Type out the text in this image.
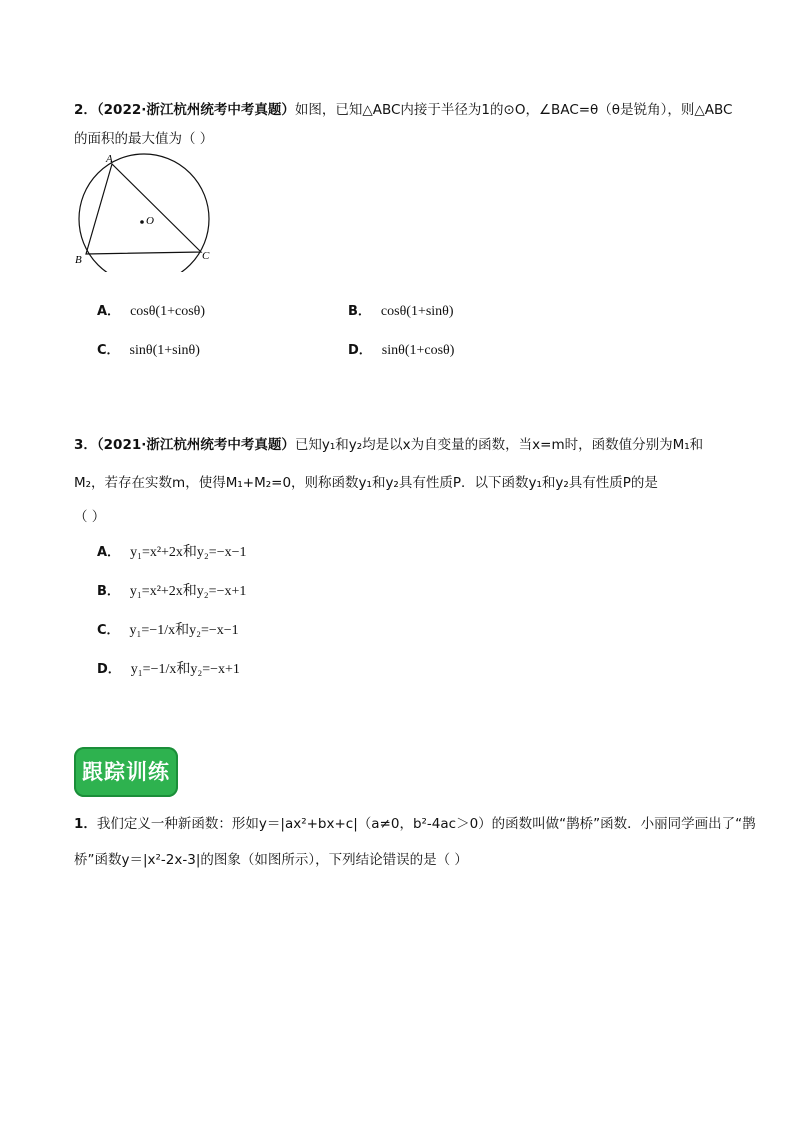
2．（2022·浙江杭州统考中考真题）如图，已知△ABC内接于半径为1的⊙O，∠BAC=θ（θ是锐角），则△ABC
的面积的最大值为（ ）
A
B	C
O
A． cosθ(1+cosθ)	B． cosθ(1+sinθ)
C． sinθ(1+sinθ)	D． sinθ(1+cosθ)
3．（2021·浙江杭州统考中考真题）已知y₁和y₂均是以x为自变量的函数，当x=m时，函数值分别为M₁和
M₂，若存在实数m，使得M₁+M₂=0，则称函数y₁和y₂具有性质P．以下函数y₁和y₂具有性质P的是
（ ）
A． y₁=x²+2x和y₂=−x−1
B． y₁=x²+2x和y₂=−x+1
C． y₁=−1/x和y₂=−x−1
D． y₁=−1/x和y₂=−x+1
跟踪训练
1．我们定义一种新函数：形如y＝|ax²+bx+c|（a≠0，b²-4ac＞0）的函数叫做“鹊桥”函数．小丽同学画出了“鹊
桥”函数y＝|x²-2x-3|的图象（如图所示），下列结论错误的是（ ）
